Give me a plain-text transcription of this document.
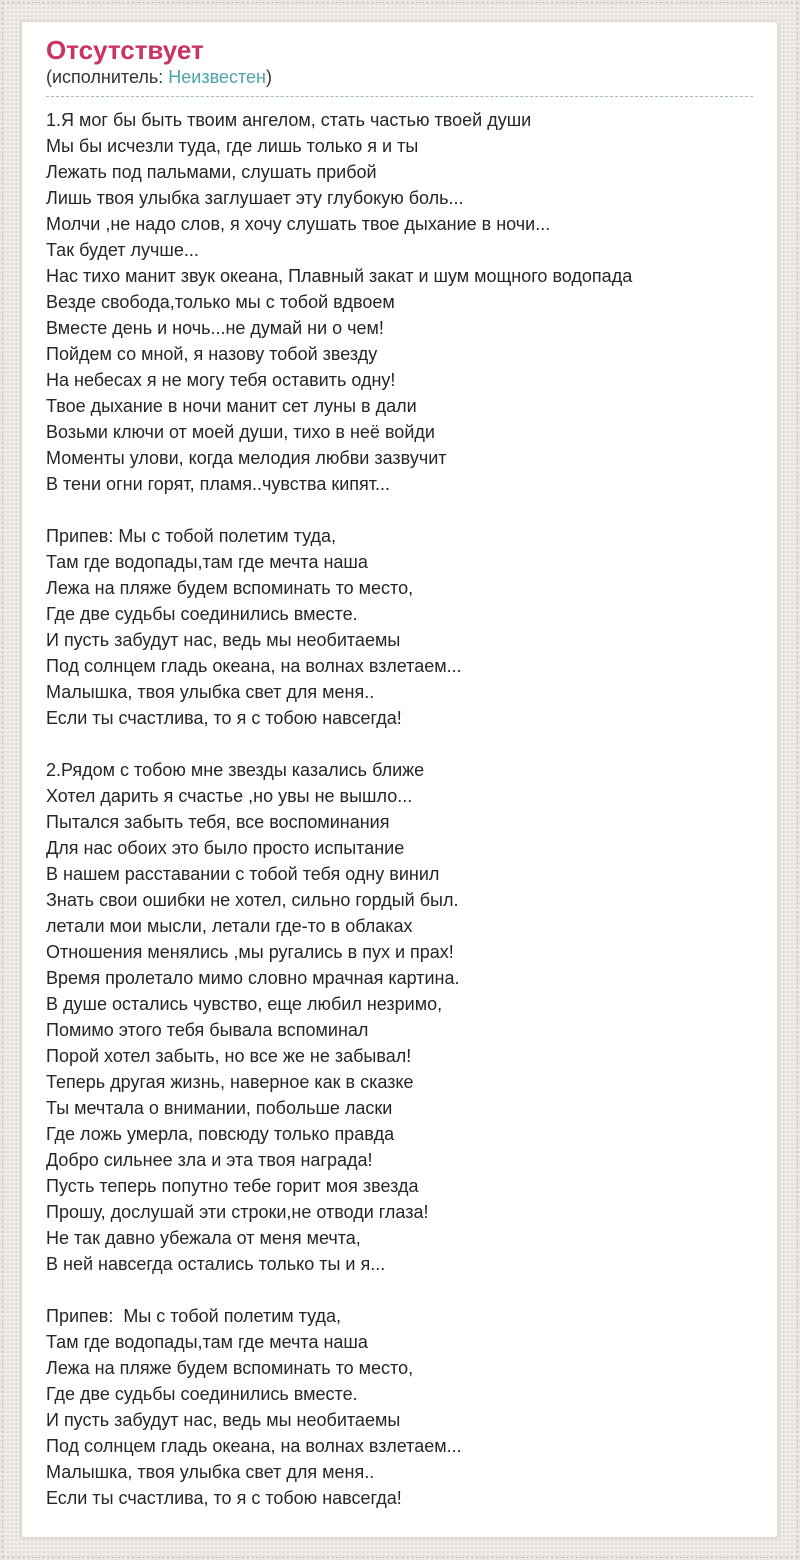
Отсутствует
(исполнитель: Неизвестен)
1.Я мог бы быть твоим ангелом, стать частью твоей души
Мы бы исчезли туда, где лишь только я и ты
Лежать под пальмами, слушать прибой
Лишь твоя улыбка заглушает эту глубокую боль...
Молчи ,не надо слов, я хочу слушать твое дыхание в ночи...
Так будет лучше...
Нас тихо манит звук океана, Плавный закат и шум мощного водопада
Везде свобода,только мы с тобой вдвоем
Вместе день и ночь...не думай ни о чем!
Пойдем со мной, я назову тобой звезду
На небесах я не могу тебя оставить одну!
Твое дыхание в ночи манит сет луны в дали
Возьми ключи от моей души, тихо в неё войди
Моменты улови, когда мелодия любви зазвучит
В тени огни горят, пламя..чувства кипят...

Припев: Мы с тобой полетим туда,
Там где водопады,там где мечта наша
Лежа на пляже будем вспоминать то место,
Где две судьбы соединились вместе.
И пусть забудут нас, ведь мы необитаемы
Под солнцем гладь океана, на волнах взлетаем...
Малышка, твоя улыбка свет для меня..
Если ты счастлива, то я с тобою навсегда!

2.Рядом с тобою мне звезды казались ближе
Хотел дарить я счастье ,но увы не вышло...
Пытался забыть тебя, все воспоминания
Для нас обоих это было просто испытание
В нашем расставании с тобой тебя одну винил
Знать свои ошибки не хотел, сильно гордый был.
летали мои мысли, летали где-то в облаках
Отношения менялись ,мы ругались в пух и прах!
Время пролетало мимо словно мрачная картина.
В душе остались чувство, еще любил незримо,
Помимо этого тебя бывала вспоминал
Порой хотел забыть, но все же не забывал!
Теперь другая жизнь, наверное как в сказке
Ты мечтала о внимании, побольше ласки
Где ложь умерла, повсюду только правда
Добро сильнее зла и эта твоя награда!
Пусть теперь попутно тебе горит моя звезда
Прошу, дослушай эти строки,не отводи глаза!
Не так давно убежала от меня мечта,
В ней навсегда остались только ты и я...

Припев:  Мы с тобой полетим туда,
Там где водопады,там где мечта наша
Лежа на пляже будем вспоминать то место,
Где две судьбы соединились вместе.
И пусть забудут нас, ведь мы необитаемы
Под солнцем гладь океана, на волнах взлетаем...
Малышка, твоя улыбка свет для меня..
Если ты счастлива, то я с тобою навсегда!
